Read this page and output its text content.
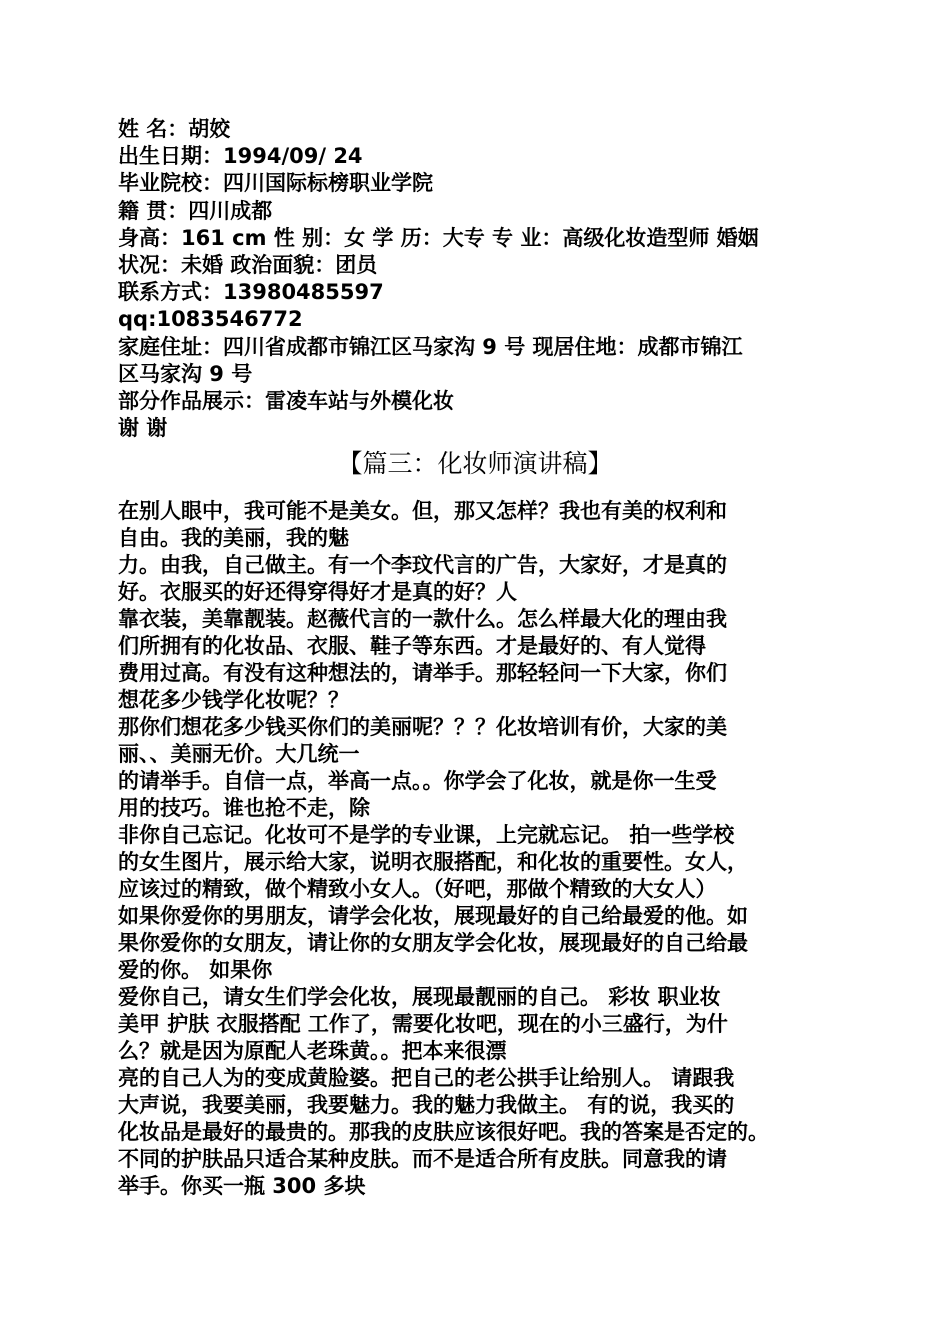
姓 名：胡姣
出生日期：1994/09/ 24
毕业院校：四川国际标榜职业学院
籍 贯：四川成都
身高：161 cm 性 别：女 学 历：大专 专 业：高级化妆造型师 婚姻
状况：未婚 政治面貌：团员
联系方式：13980485597
qq:1083546772
家庭住址：四川省成都市锦江区马家沟 9 号 现居住地：成都市锦江
区马家沟 9 号
部分作品展示：雷凌车站与外模化妆
谢 谢
【篇三：化妆师演讲稿】
在别人眼中，我可能不是美女。但，那又怎样？我也有美的权利和
自由。我的美丽，我的魅
力。由我，自己做主。有一个李玟代言的广告，大家好，才是真的
好。衣服买的好还得穿得好才是真的好？人
靠衣装，美靠靓装。赵薇代言的一款什么。怎么样最大化的理由我
们所拥有的化妆品、衣服、鞋子等东西。才是最好的、有人觉得
费用过高。有没有这种想法的，请举手。那轻轻问一下大家，你们
想花多少钱学化妆呢？？
那你们想花多少钱买你们的美丽呢？？？化妆培训有价，大家的美
丽、、美丽无价。大几统一
的请举手。自信一点，举高一点。。你学会了化妆，就是你一生受
用的技巧。谁也抢不走，除
非你自己忘记。化妆可不是学的专业课，上完就忘记。 拍一些学校
的女生图片，展示给大家，说明衣服搭配，和化妆的重要性。女人，
应该过的精致，做个精致小女人。（好吧，那做个精致的大女人）
如果你爱你的男朋友，请学会化妆，展现最好的自己给最爱的他。如
果你爱你的女朋友，请让你的女朋友学会化妆，展现最好的自己给最
爱的你。 如果你
爱你自己，请女生们学会化妆，展现最靓丽的自己。 彩妆 职业妆
美甲 护肤 衣服搭配 工作了，需要化妆吧，现在的小三盛行，为什
么？就是因为原配人老珠黄。。把本来很漂
亮的自己人为的变成黄脸婆。把自己的老公拱手让给别人。 请跟我
大声说，我要美丽，我要魅力。我的魅力我做主。 有的说，我买的
化妆品是最好的最贵的。那我的皮肤应该很好吧。我的答案是否定的。
不同的护肤品只适合某种皮肤。而不是适合所有皮肤。同意我的请
举手。你买一瓶 300 多块
